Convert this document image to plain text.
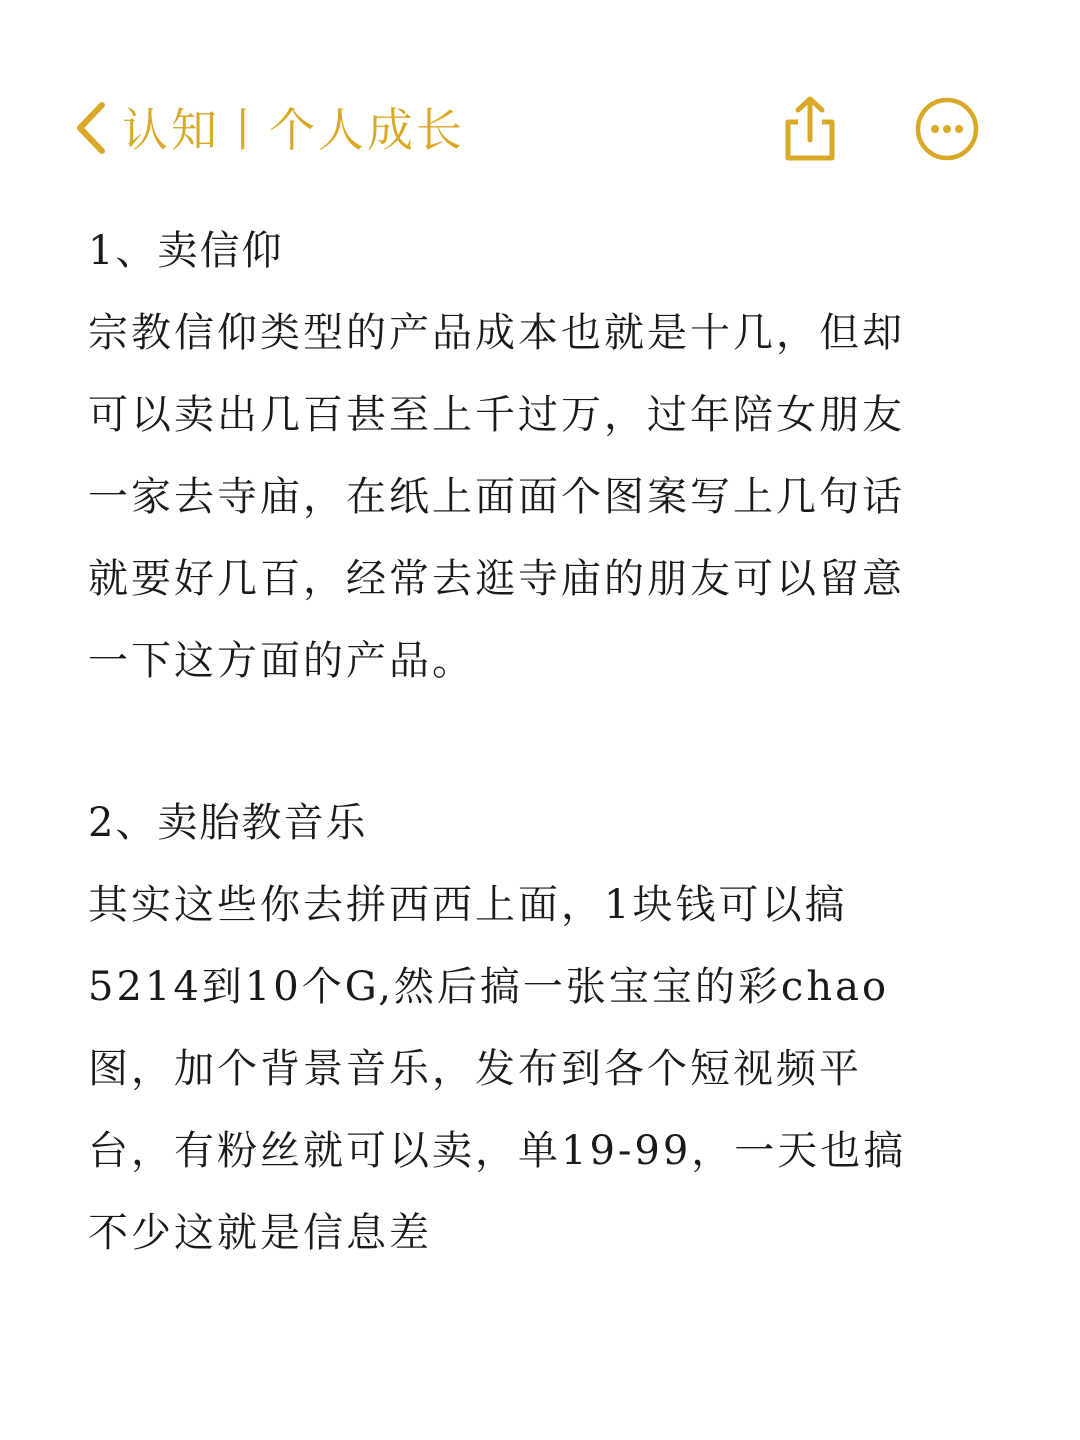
认知丨个人成长
1、卖信仰
宗教信仰类型的产品成本也就是十几，但却
可以卖出几百甚至上千过万，过年陪女朋友
一家去寺庙，在纸上面面个图案写上几句话
就要好几百，经常去逛寺庙的朋友可以留意
一下这方面的产品。
2、卖胎教音乐
其实这些你去拼西西上面，1块钱可以搞
5214到10个G,然后搞一张宝宝的彩chao
图，加个背景音乐，发布到各个短视频平
台，有粉丝就可以卖，单19-99，一天也搞
不少这就是信息差
